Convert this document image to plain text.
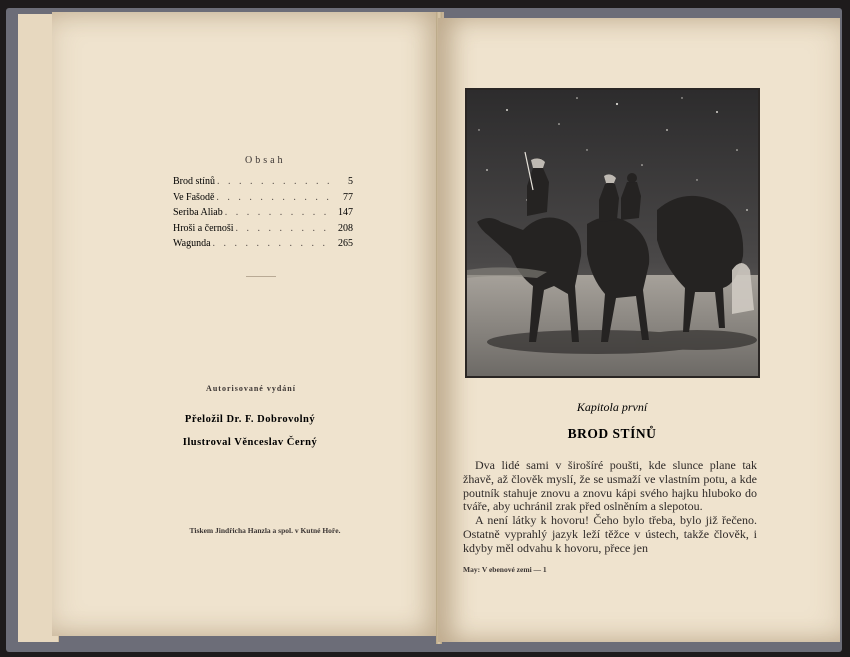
Obsah
Brod stínů . . .	5
Ve Fašodě . . .	77
Seriba Aliab . . .	147
Hroši a černoši . . .	208
Wagunda . . .	265
Autorisované vydání
Přeložil Dr. F. Dobrovolný
Ilustroval Věnceslav Černý
Tiskem Jindřicha Hanzla a spol. v Kutné Hoře.
Kapitola první
BROD STÍNŮ

Dva lidé sami v širošíré poušti, kde slunce plane tak žhavě, až člověk myslí, že se usmaží ve vlastním potu, a kde poutník stahuje znovu a znovu kápi svého hajku hluboko do tváře, aby uchránil zrak před oslněním a slepotou.

A není látky k hovoru! Čeho bylo třeba, bylo již řečeno. Ostatně vyprahlý jazyk leží těžce v ústech, takže člověk, i kdyby měl odvahu k hovoru, přece jen

May: V ebenové zemi — 1
